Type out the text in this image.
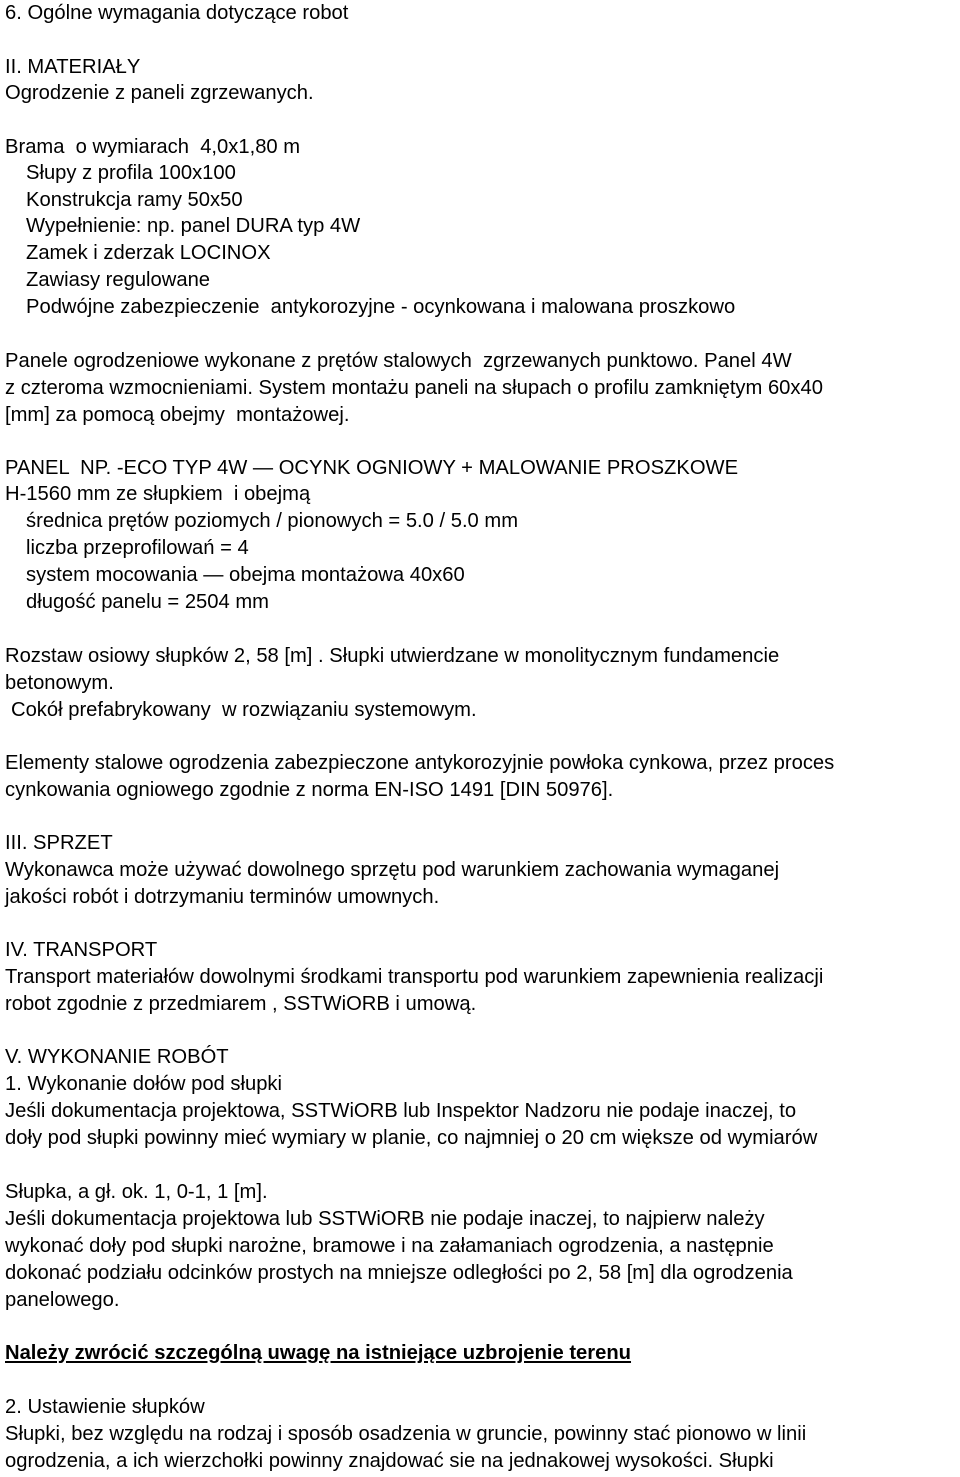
6. Ogólne wymagania dotyczące robot
II. MATERIAŁY
Ogrodzenie z paneli zgrzewanych.
Brama  o wymiarach  4,0x1,80 m
Słupy z profila 100x100
Konstrukcja ramy 50x50
Wypełnienie: np. panel DURA typ 4W
Zamek i zderzak LOCINOX
Zawiasy regulowane
Podwójne zabezpieczenie  antykorozyjne - ocynkowana i malowana proszkowo
Panele ogrodzeniowe wykonane z prętów stalowych  zgrzewanych punktowo. Panel 4W
z czteroma wzmocnieniami. System montażu paneli na słupach o profilu zamkniętym 60x40
[mm] za pomocą obejmy  montażowej.
PANEL  NP. -ECO TYP 4W — OCYNK OGNIOWY + MALOWANIE PROSZKOWE
H-1560 mm ze słupkiem  i obejmą
średnica prętów poziomych / pionowych = 5.0 / 5.0 mm
liczba przeprofilowań = 4
system mocowania — obejma montażowa 40x60
długość panelu = 2504 mm
Rozstaw osiowy słupków 2, 58 [m] . Słupki utwierdzane w monolitycznym fundamencie
betonowym.
Cokół prefabrykowany  w rozwiązaniu systemowym.
Elementy stalowe ogrodzenia zabezpieczone antykorozyjnie powłoka cynkowa, przez proces
cynkowania ogniowego zgodnie z norma EN-ISO 1491 [DIN 50976].
III. SPRZET
Wykonawca może używać dowolnego sprzętu pod warunkiem zachowania wymaganej
jakości robót i dotrzymaniu terminów umownych.
IV. TRANSPORT
Transport materiałów dowolnymi środkami transportu pod warunkiem zapewnienia realizacji
robot zgodnie z przedmiarem , SSTWiORB i umową.
V. WYKONANIE ROBÓT
1. Wykonanie dołów pod słupki
Jeśli dokumentacja projektowa, SSTWiORB lub Inspektor Nadzoru nie podaje inaczej, to
doły pod słupki powinny mieć wymiary w planie, co najmniej o 20 cm większe od wymiarów
Słupka, a gł. ok. 1, 0-1, 1 [m].
Jeśli dokumentacja projektowa lub SSTWiORB nie podaje inaczej, to najpierw należy
wykonać doły pod słupki narożne, bramowe i na załamaniach ogrodzenia, a następnie
dokonać podziału odcinków prostych na mniejsze odległości po 2, 58 [m] dla ogrodzenia
panelowego.
Należy zwrócić szczególną uwagę na istniejące uzbrojenie terenu
2. Ustawienie słupków
Słupki, bez względu na rodzaj i sposób osadzenia w gruncie, powinny stać pionowo w linii
ogrodzenia, a ich wierzchołki powinny znajdować sie na jednakowej wysokości. Słupki
